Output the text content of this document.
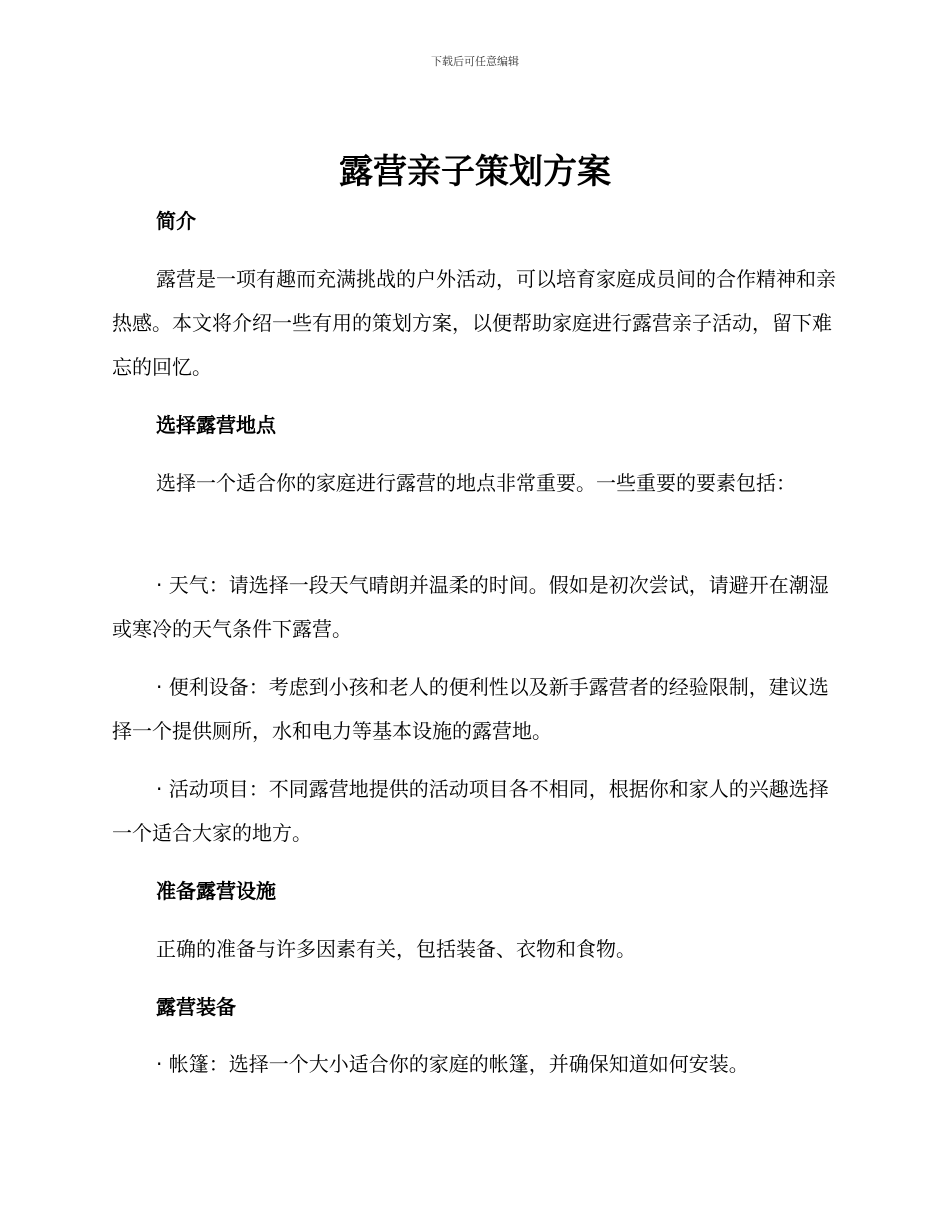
下载后可任意编辑
露营亲子策划方案
简介

露营是一项有趣而充满挑战的户外活动，可以培育家庭成员间的合作精神和亲热感。本文将介绍一些有用的策划方案，以便帮助家庭进行露营亲子活动，留下难忘的回忆。

选择露营地点

选择一个适合你的家庭进行露营的地点非常重要。一些重要的要素包括：

· 天气：请选择一段天气晴朗并温柔的时间。假如是初次尝试，请避开在潮湿或寒冷的天气条件下露营。

· 便利设备：考虑到小孩和老人的便利性以及新手露营者的经验限制，建议选择一个提供厕所，水和电力等基本设施的露营地。

· 活动项目：不同露营地提供的活动项目各不相同，根据你和家人的兴趣选择一个适合大家的地方。

准备露营设施

正确的准备与许多因素有关，包括装备、衣物和食物。

露营装备

· 帐篷：选择一个大小适合你的家庭的帐篷，并确保知道如何安装。
